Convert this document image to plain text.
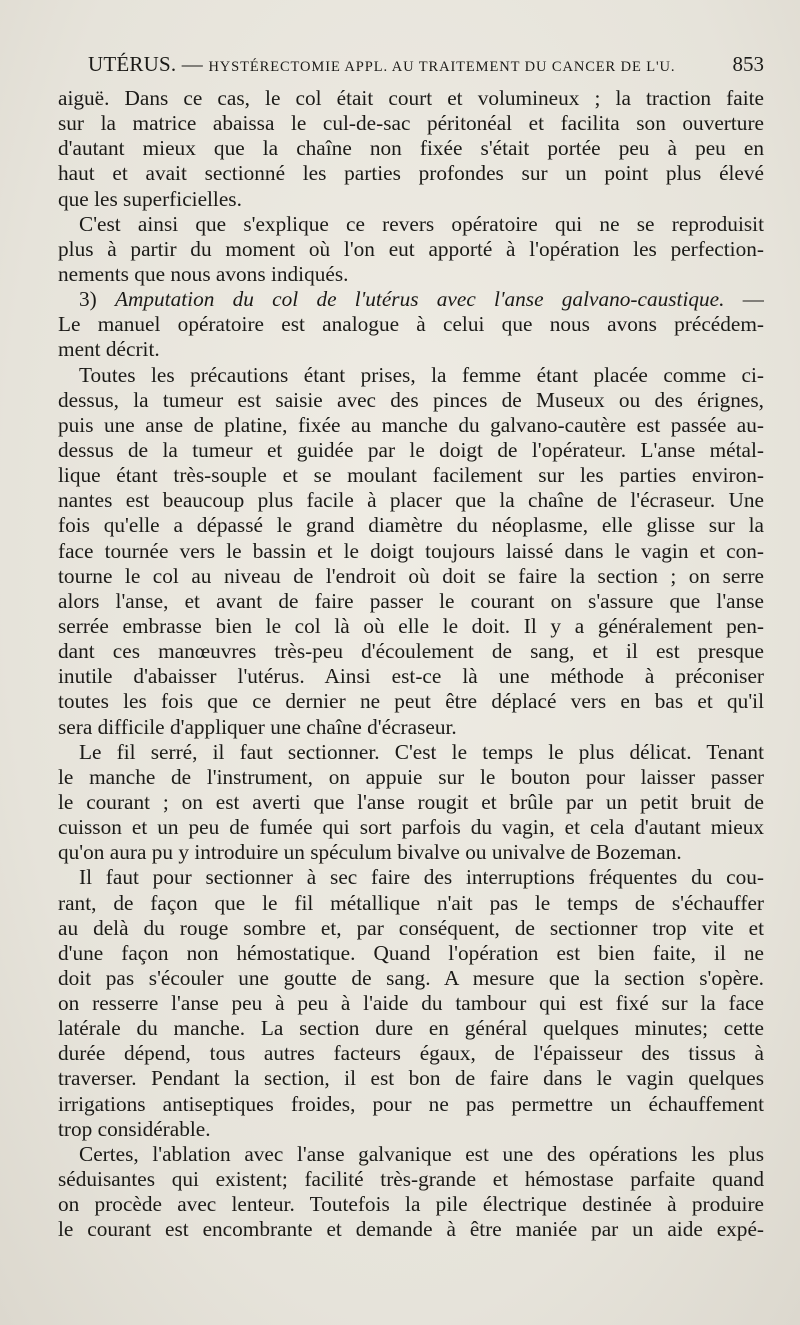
UTÉRUS. — HYSTÉRECTOMIE APPL. AU TRAITEMENT DU CANCER DE L'U.	853
aiguë. Dans ce cas, le col était court et volumineux ; la traction faite
sur la matrice abaissa le cul-de-sac péritonéal et facilita son ouverture
d'autant mieux que la chaîne non fixée s'était portée peu à peu en
haut et avait sectionné les parties profondes sur un point plus élevé
que les superficielles.
C'est ainsi que s'explique ce revers opératoire qui ne se reproduisit
plus à partir du moment où l'on eut apporté à l'opération les perfection-
nements que nous avons indiqués.
3) Amputation du col de l'utérus avec l'anse galvano-caustique. —
Le manuel opératoire est analogue à celui que nous avons précédem-
ment décrit.
Toutes les précautions étant prises, la femme étant placée comme ci-
dessus, la tumeur est saisie avec des pinces de Museux ou des érignes,
puis une anse de platine, fixée au manche du galvano-cautère est passée au-
dessus de la tumeur et guidée par le doigt de l'opérateur. L'anse métal-
lique étant très-souple et se moulant facilement sur les parties environ-
nantes est beaucoup plus facile à placer que la chaîne de l'écraseur. Une
fois qu'elle a dépassé le grand diamètre du néoplasme, elle glisse sur la
face tournée vers le bassin et le doigt toujours laissé dans le vagin et con-
tourne le col au niveau de l'endroit où doit se faire la section ; on serre
alors l'anse, et avant de faire passer le courant on s'assure que l'anse
serrée embrasse bien le col là où elle le doit. Il y a généralement pen-
dant ces manœuvres très-peu d'écoulement de sang, et il est presque
inutile d'abaisser l'utérus. Ainsi est-ce là une méthode à préconiser
toutes les fois que ce dernier ne peut être déplacé vers en bas et qu'il
sera difficile d'appliquer une chaîne d'écraseur.
Le fil serré, il faut sectionner. C'est le temps le plus délicat. Tenant
le manche de l'instrument, on appuie sur le bouton pour laisser passer
le courant ; on est averti que l'anse rougit et brûle par un petit bruit de
cuisson et un peu de fumée qui sort parfois du vagin, et cela d'autant mieux
qu'on aura pu y introduire un spéculum bivalve ou univalve de Bozeman.
Il faut pour sectionner à sec faire des interruptions fréquentes du cou-
rant, de façon que le fil métallique n'ait pas le temps de s'échauffer
au delà du rouge sombre et, par conséquent, de sectionner trop vite et
d'une façon non hémostatique. Quand l'opération est bien faite, il ne
doit pas s'écouler une goutte de sang. A mesure que la section s'opère.
on resserre l'anse peu à peu à l'aide du tambour qui est fixé sur la face
latérale du manche. La section dure en général quelques minutes; cette
durée dépend, tous autres facteurs égaux, de l'épaisseur des tissus à
traverser. Pendant la section, il est bon de faire dans le vagin quelques
irrigations antiseptiques froides, pour ne pas permettre un échauffement
trop considérable.
Certes, l'ablation avec l'anse galvanique est une des opérations les plus
séduisantes qui existent; facilité très-grande et hémostase parfaite quand
on procède avec lenteur. Toutefois la pile électrique destinée à produire
le courant est encombrante et demande à être maniée par un aide expé-
